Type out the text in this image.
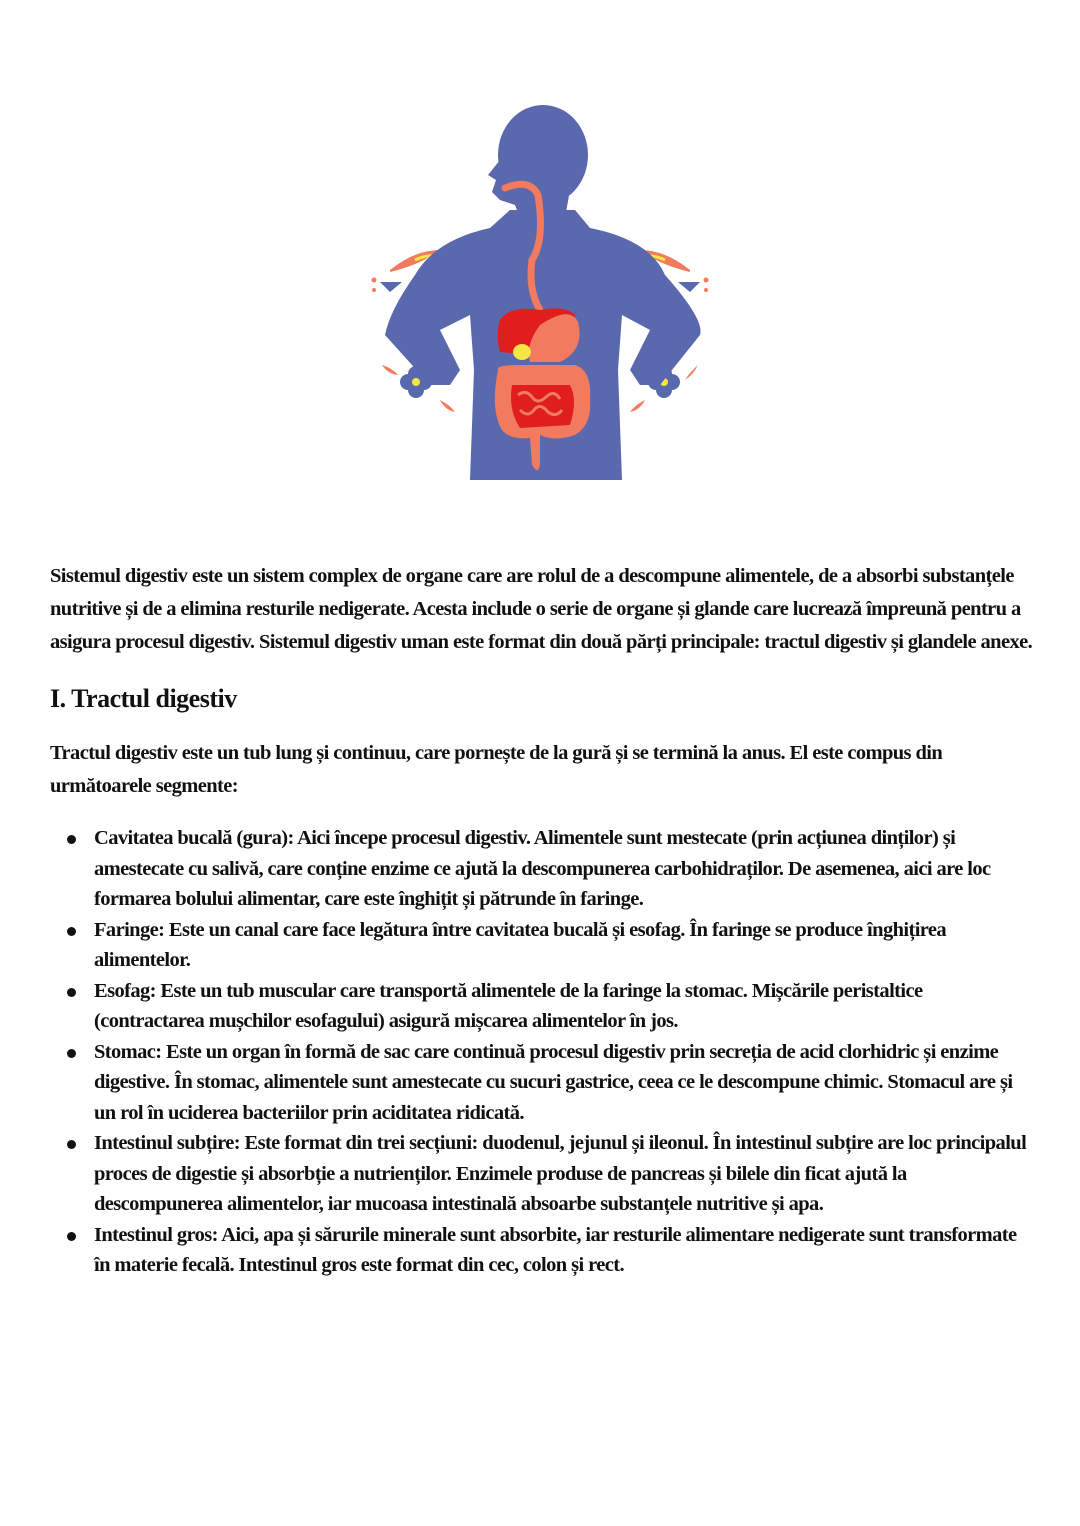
Sistemul digestiv este un sistem complex de organe care are rolul de a descompune alimentele, de a absorbi substanțele nutritive și de a elimina resturile nedigerate. Acesta include o serie de organe și glande care lucrează împreună pentru a asigura procesul digestiv. Sistemul digestiv uman este format din două părți principale: tractul digestiv și glandele anexe.

I. Tractul digestiv

Tractul digestiv este un tub lung și continuu, care pornește de la gură și se termină la anus. El este compus din următoarele segmente:

Cavitatea bucală (gura): Aici începe procesul digestiv. Alimentele sunt mestecate (prin acțiunea dinților) și amestecate cu salivă, care conține enzime ce ajută la descompunerea carbohidraților. De asemenea, aici are loc formarea bolului alimentar, care este înghițit și pătrunde în faringe.
Faringe: Este un canal care face legătura între cavitatea bucală și esofag. În faringe se produce înghițirea alimentelor.
Esofag: Este un tub muscular care transportă alimentele de la faringe la stomac. Mișcările peristaltice (contractarea mușchilor esofagului) asigură mișcarea alimentelor în jos.
Stomac: Este un organ în formă de sac care continuă procesul digestiv prin secreția de acid clorhidric și enzime digestive. În stomac, alimentele sunt amestecate cu sucuri gastrice, ceea ce le descompune chimic. Stomacul are și un rol în uciderea bacteriilor prin aciditatea ridicată.
Intestinul subțire: Este format din trei secțiuni: duodenul, jejunul și ileonul. În intestinul subțire are loc principalul proces de digestie și absorbție a nutrienților. Enzimele produse de pancreas și bilele din ficat ajută la descompunerea alimentelor, iar mucoasa intestinală absoarbe substanțele nutritive și apa.
Intestinul gros: Aici, apa și sărurile minerale sunt absorbite, iar resturile alimentare nedigerate sunt transformate în materie fecală. Intestinul gros este format din cec, colon și rect.
